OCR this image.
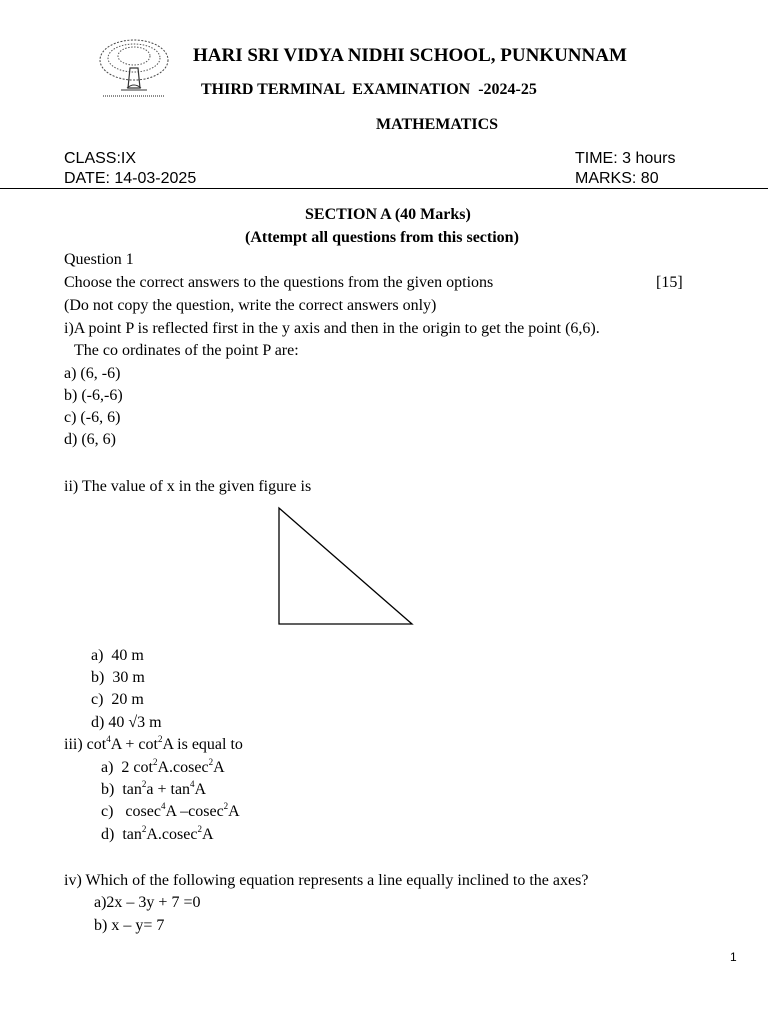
HARI SRI VIDYA NIDHI SCHOOL, PUNKUNNAM
THIRD TERMINAL  EXAMINATION  -2024-25
MATHEMATICS
CLASS:IX	TIME: 3 hours
DATE: 14-03-2025	MARKS: 80
SECTION A (40 Marks)
(Attempt all questions from this section)
Question 1
Choose the correct answers to the questions from the given options	[15]
(Do not copy the question, write the correct answers only)
i)A point P is reflected first in the y axis and then in the origin to get the point (6,6).
The co ordinates of the point P are:
a) (6, -6)
b) (-6,-6)
c) (-6, 6)
d) (6, 6)
ii) The value of x in the given figure is
a)  40 m
b)  30 m
c)  20 m
d) 40 √3 m
iii) $\cot^4A + \cot^2A$ is equal to
a)  2 $\cot^2A.cosec^2A$
b)  $\tan^2a + \tan^4A$
c)   cosec$^4$A –cosec$^2$A
d)  $\tan^2A.cosec^2A$
iv) Which of the following equation represents a line equally inclined to the axes?
a)2x – 3y + 7 =0
b) x – y= 7
1
